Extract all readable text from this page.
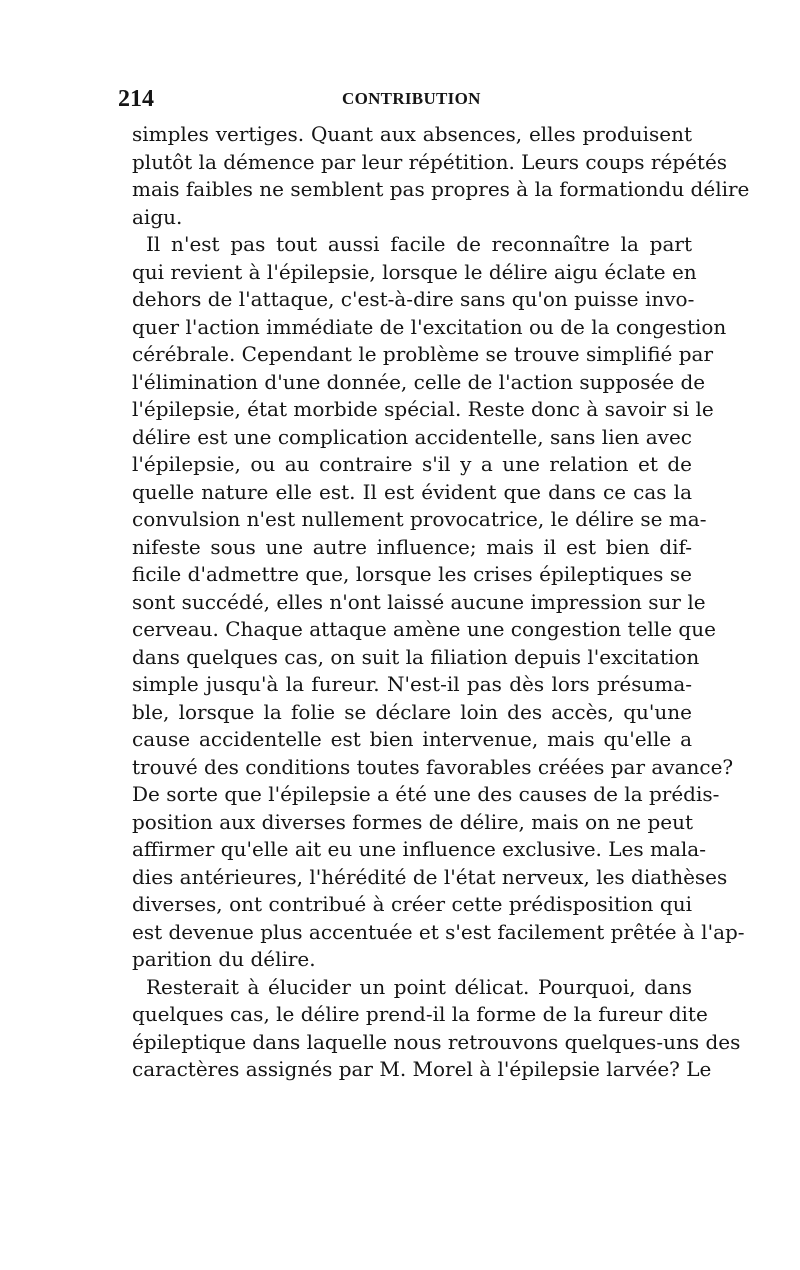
214	CONTRIBUTION
simples vertiges. Quant aux absences, elles produisent
plutôt la démence par leur répétition. Leurs coups répétés
mais faibles ne semblent pas propres à la formationdu délire
aigu.
Il n'est pas tout aussi facile de reconnaître la part
qui revient à l'épilepsie, lorsque le délire aigu éclate en
dehors de l'attaque, c'est-à-dire sans qu'on puisse invo-
quer l'action immédiate de l'excitation ou de la congestion
cérébrale. Cependant le problème se trouve simplifié par
l'élimination d'une donnée, celle de l'action supposée de
l'épilepsie, état morbide spécial. Reste donc à savoir si le
délire est une complication accidentelle, sans lien avec
l'épilepsie, ou au contraire s'il y a une relation et de
quelle nature elle est. Il est évident que dans ce cas la
convulsion n'est nullement provocatrice, le délire se ma-
nifeste sous une autre influence; mais il est bien dif-
ficile d'admettre que, lorsque les crises épileptiques se
sont succédé, elles n'ont laissé aucune impression sur le
cerveau. Chaque attaque amène une congestion telle que
dans quelques cas, on suit la filiation depuis l'excitation
simple jusqu'à la fureur. N'est-il pas dès lors présuma-
ble, lorsque la folie se déclare loin des accès, qu'une
cause accidentelle est bien intervenue, mais qu'elle a
trouvé des conditions toutes favorables créées par avance?
De sorte que l'épilepsie a été une des causes de la prédis-
position aux diverses formes de délire, mais on ne peut
affirmer qu'elle ait eu une influence exclusive. Les mala-
dies antérieures, l'hérédité de l'état nerveux, les diathèses
diverses, ont contribué à créer cette prédisposition qui
est devenue plus accentuée et s'est facilement prêtée à l'ap-
parition du délire.
Resterait à élucider un point délicat. Pourquoi, dans
quelques cas, le délire prend-il la forme de la fureur dite
épileptique dans laquelle nous retrouvons quelques-uns des
caractères assignés par M. Morel à l'épilepsie larvée? Le
